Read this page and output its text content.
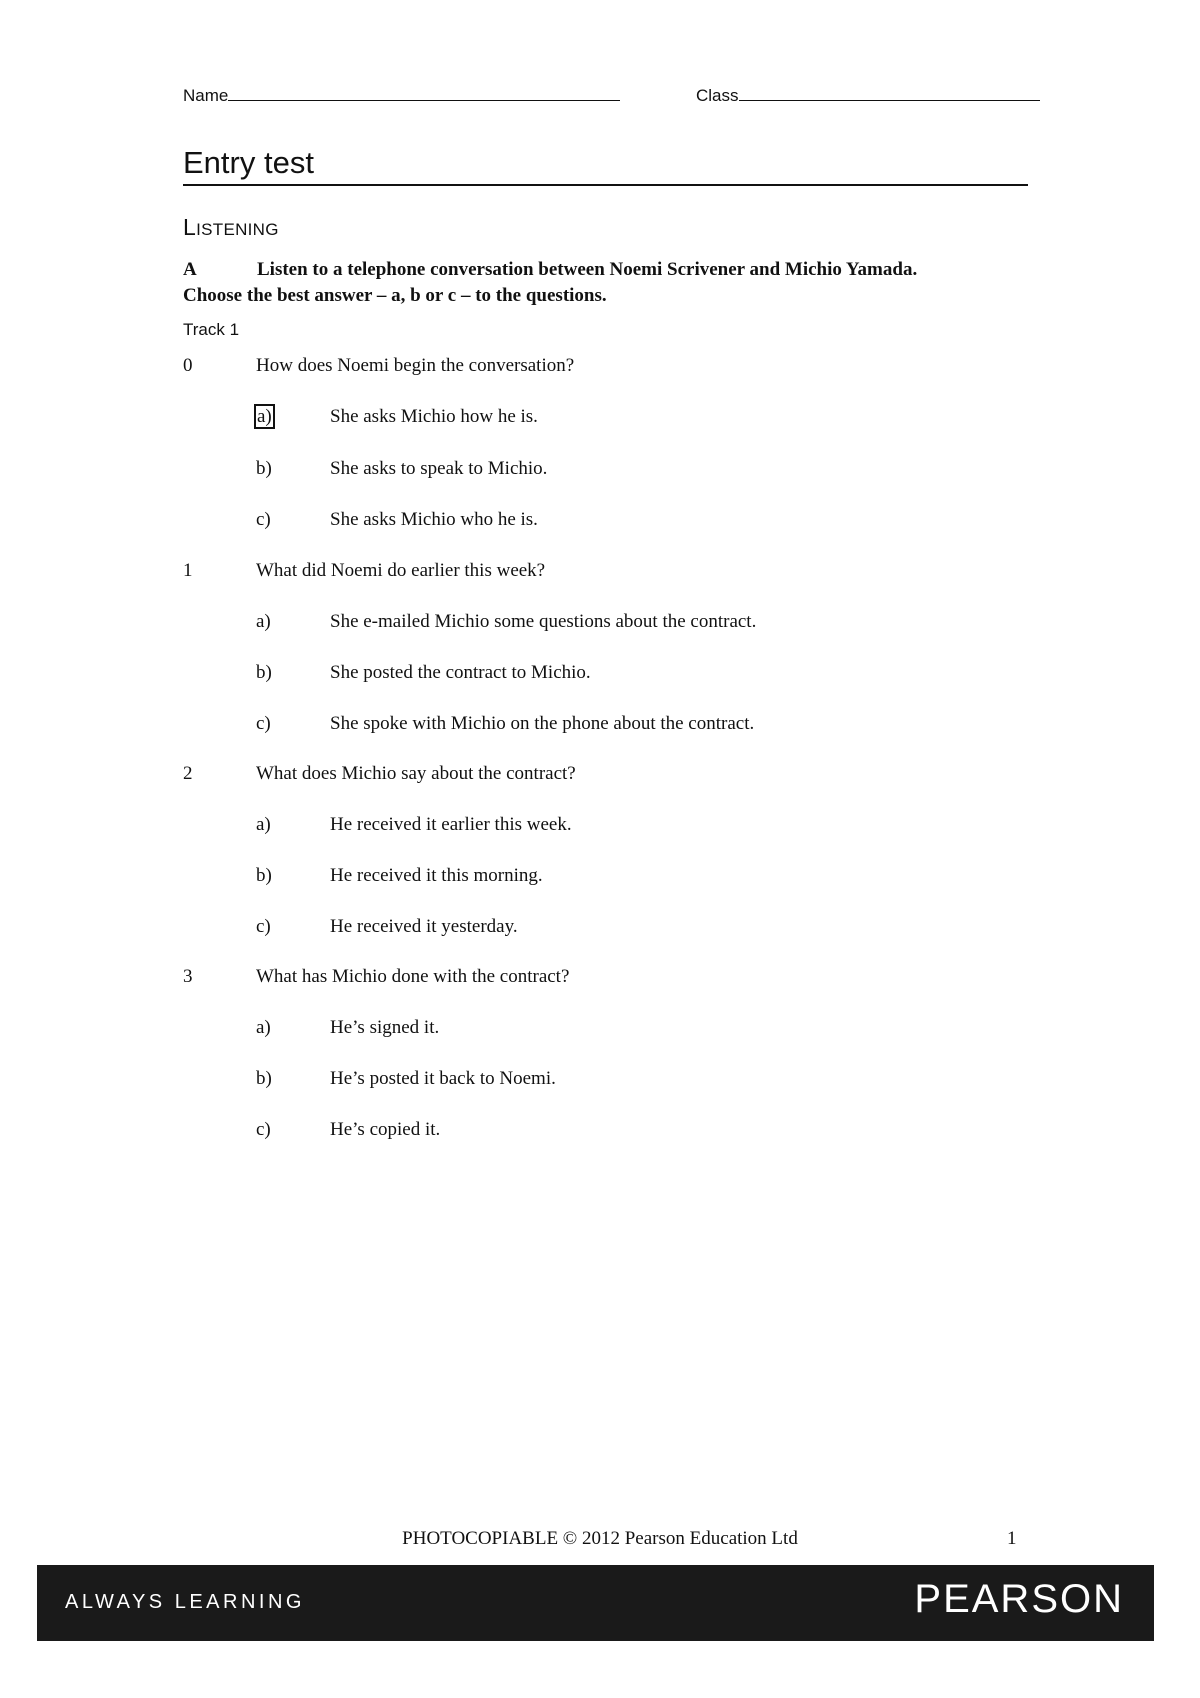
Name	Class
Entry test
LISTENING
A	Listen to a telephone conversation between Noemi Scrivener and Michio Yamada. Choose the best answer – a, b or c – to the questions.
Track 1
0	How does Noemi begin the conversation?
a)	She asks Michio how he is.
b)	She asks to speak to Michio.
c)	She asks Michio who he is.
1	What did Noemi do earlier this week?
a)	She e-mailed Michio some questions about the contract.
b)	She posted the contract to Michio.
c)	She spoke with Michio on the phone about the contract.
2	What does Michio say about the contract?
a)	He received it earlier this week.
b)	He received it this morning.
c)	He received it yesterday.
3	What has Michio done with the contract?
a)	He’s signed it.
b)	He’s posted it back to Noemi.
c)	He’s copied it.
PHOTOCOPIABLE © 2012 Pearson Education Ltd	1
ALWAYS LEARNING	PEARSON
